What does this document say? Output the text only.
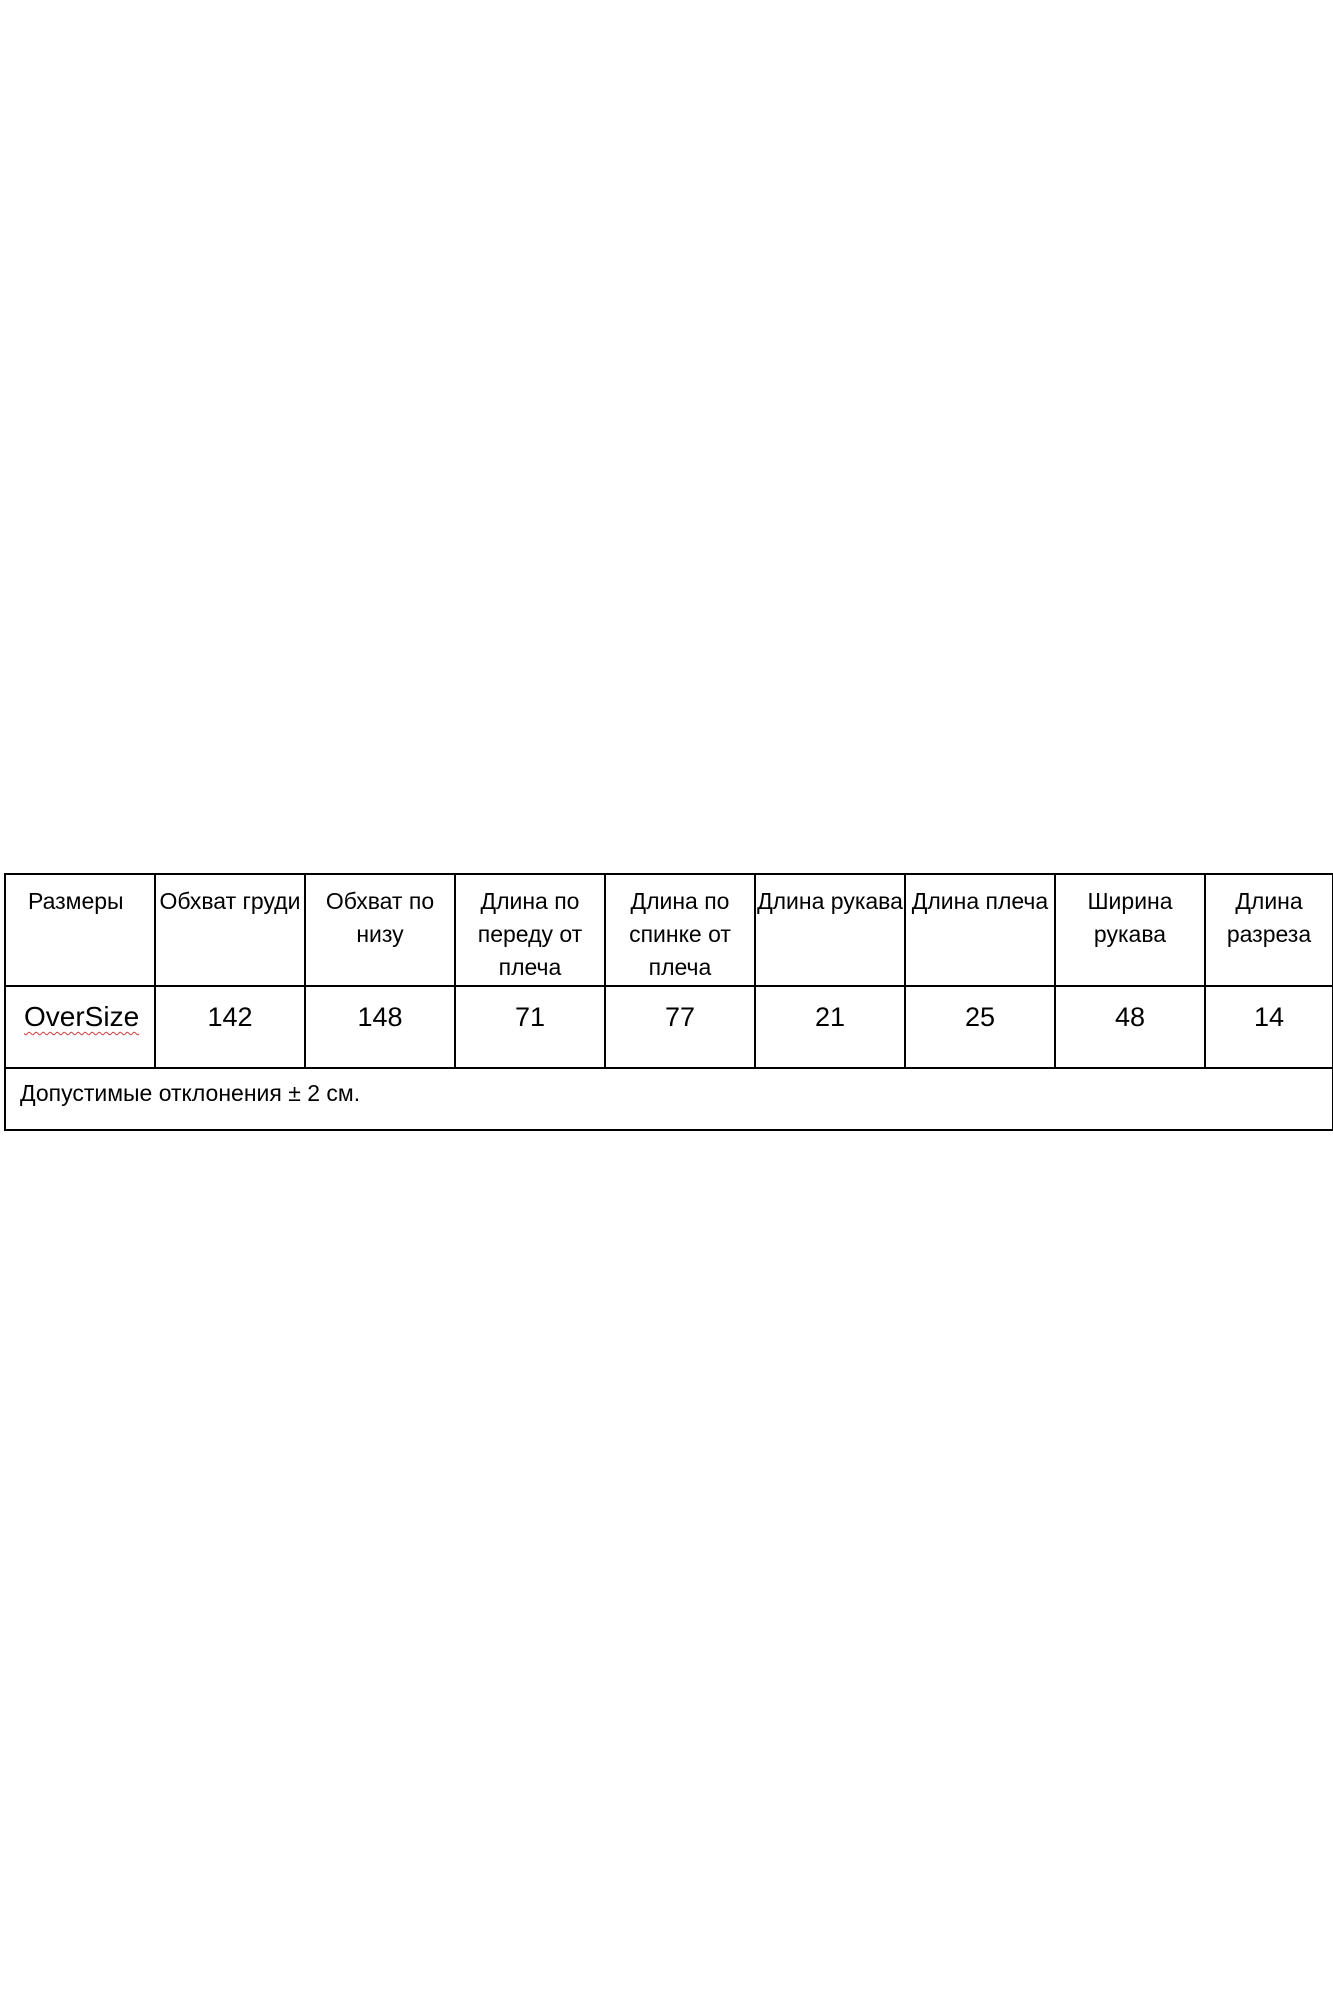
Размеры	Обхват груди	Обхват по низу	Длина по переду от плеча	Длина по спинке от плеча	Длина рукава	Длина плеча	Ширина рукава	Длина разреза
OverSize	142	148	71	77	21	25	48	14
Допустимые отклонения ± 2 см.								
